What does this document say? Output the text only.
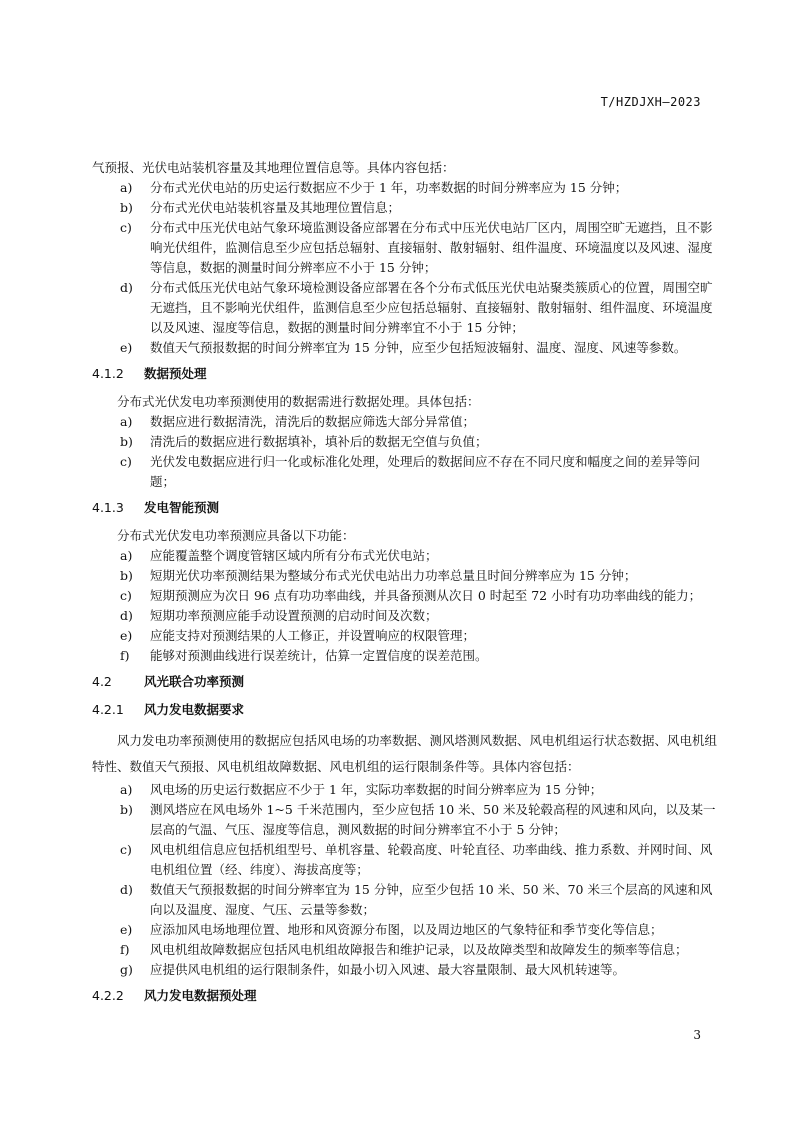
T/HZDJXH—2023

气预报、光伏电站装机容量及其地理位置信息等。具体内容包括：

a)	分布式光伏电站的历史运行数据应不少于 1 年，功率数据的时间分辨率应为 15 分钟；
b)	分布式光伏电站装机容量及其地理位置信息；
c)	分布式中压光伏电站气象环境监测设备应部署在分布式中压光伏电站厂区内，周围空旷无遮挡，且不影响光伏组件，监测信息至少应包括总辐射、直接辐射、散射辐射、组件温度、环境温度以及风速、湿度等信息，数据的测量时间分辨率应不小于 15 分钟；
d)	分布式低压光伏电站气象环境检测设备应部署在各个分布式低压光伏电站聚类簇质心的位置，周围空旷无遮挡，且不影响光伏组件，监测信息至少应包括总辐射、直接辐射、散射辐射、组件温度、环境温度以及风速、湿度等信息，数据的测量时间分辨率宜不小于 15 分钟；
e)	数值天气预报数据的时间分辨率宜为 15 分钟，应至少包括短波辐射、温度、湿度、风速等参数。
4.1.2	数据预处理

分布式光伏发电功率预测使用的数据需进行数据处理。具体包括：

a)	数据应进行数据清洗，清洗后的数据应筛选大部分异常值；
b)	清洗后的数据应进行数据填补，填补后的数据无空值与负值；
c)	光伏发电数据应进行归一化或标准化处理，处理后的数据间应不存在不同尺度和幅度之间的差异等问题；
4.1.3	发电智能预测

分布式光伏发电功率预测应具备以下功能：

a)	应能覆盖整个调度管辖区域内所有分布式光伏电站；
b)	短期光伏功率预测结果为整域分布式光伏电站出力功率总量且时间分辨率应为 15 分钟；
c)	短期预测应为次日 96 点有功功率曲线，并具备预测从次日 0 时起至 72 小时有功功率曲线的能力；
d)	短期功率预测应能手动设置预测的启动时间及次数；
e)	应能支持对预测结果的人工修正，并设置响应的权限管理；
f)	能够对预测曲线进行误差统计，估算一定置信度的误差范围。
4.2	风光联合功率预测
4.2.1	风力发电数据要求

风力发电功率预测使用的数据应包括风电场的功率数据、测风塔测风数据、风电机组运行状态数据、风电机组特性、数值天气预报、风电机组故障数据、风电机组的运行限制条件等。具体内容包括：

a)	风电场的历史运行数据应不少于 1 年，实际功率数据的时间分辨率应为 15 分钟；
b)	测风塔应在风电场外 1~5 千米范围内，至少应包括 10 米、50 米及轮毂高程的风速和风向，以及某一层高的气温、气压、湿度等信息，测风数据的时间分辨率宜不小于 5 分钟；
c)	风电机组信息应包括机组型号、单机容量、轮毂高度、叶轮直径、功率曲线、推力系数、并网时间、风电机组位置（经、纬度）、海拔高度等；
d)	数值天气预报数据的时间分辨率宜为 15 分钟，应至少包括 10 米、50 米、70 米三个层高的风速和风向以及温度、湿度、气压、云量等参数；
e)	应添加风电场地理位置、地形和风资源分布图，以及周边地区的气象特征和季节变化等信息；
f)	风电机组故障数据应包括风电机组故障报告和维护记录，以及故障类型和故障发生的频率等信息；
g)	应提供风电机组的运行限制条件，如最小切入风速、最大容量限制、最大风机转速等。
4.2.2	风力发电数据预处理
3
